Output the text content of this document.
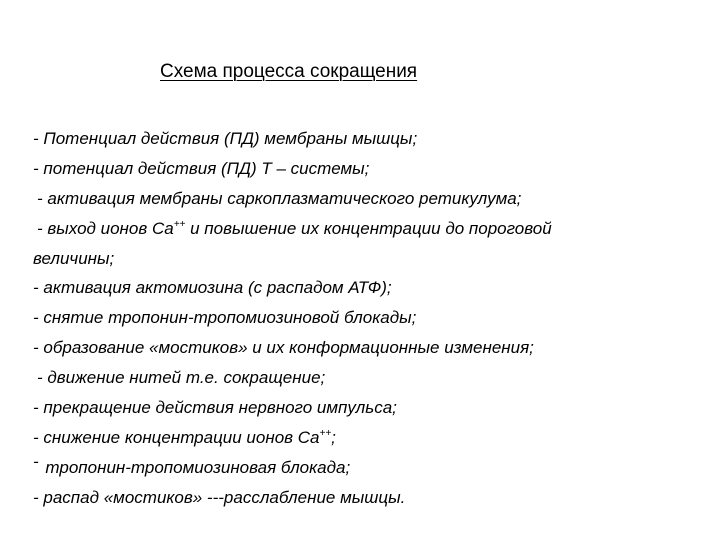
Схема процесса сокращения
- Потенциал действия (ПД) мембраны мышцы;
- потенциал действия (ПД) Т – системы;
- активация мембраны саркоплазматического ретикулума;
- выход ионов Ca++ и повышение их концентрации до пороговой
величины;
- активация актомиозина (с распадом АТФ);
- снятие тропонин-тропомиозиновой блокады;
- образование «мостиков» и их конформационные изменения;
- движение нитей т.е. сокращение;
- прекращение действия нервного импульса;
- снижение концентрации ионов Ca++;
- тропонин-тропомиозиновая блокада;
- распад «мостиков» ---расслабление мышцы.
